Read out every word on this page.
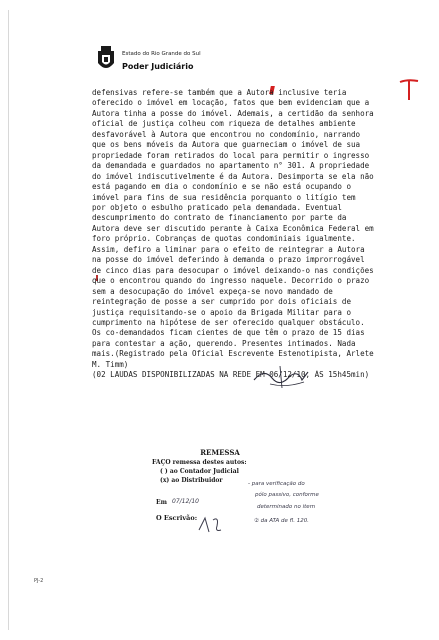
Estado do Rio Grande do Sul
Poder Judiciário
defensivas refere-se também que a Autora inclusive teria
oferecido o imóvel em locação, fatos que bem evidenciam que a
Autora tinha a posse do imóvel. Ademais, a certidão da senhora
oficial de justiça colheu com riqueza de detalhes ambiente
desfavorável à Autora que encontrou no condomínio, narrando
que os bens móveis da Autora que guarneciam o imóvel de sua
propriedade foram retirados do local para permitir o ingresso
da demandada e guardados no apartamento n° 301. A propriedade
do imóvel indiscutivelmente é da Autora. Desimporta se ela não
está pagando em dia o condomínio e se não está ocupando o
imóvel para fins de sua residência porquanto o litígio tem
por objeto o esbulho praticado pela demandada. Eventual
descumprimento do contrato de financiamento por parte da
Autora deve ser discutido perante à Caixa Econômica Federal em
foro próprio. Cobranças de quotas condominiais igualmente.
Assim, defiro a liminar para o efeito de reintegrar a Autora
na posse do imóvel deferindo à demanda o prazo improrrogável
de cinco dias para desocupar o imóvel deixando-o nas condições
que o encontrou quando do ingresso naquele. Decorrido o prazo
sem a desocupação do imóvel expeça-se novo mandado de
reintegração de posse a ser cumprido por dois oficiais de
justiça requisitando-se o apoio da Brigada Militar para o
cumprimento na hipótese de ser oferecido qualquer obstáculo.
Os co-demandados ficam cientes de que têm o prazo de 15 dias
para contestar a ação, querendo. Presentes intimados. Nada
mais.(Registrado pela Oficial Escrevente Estenotipista, Arlete
M. Timm)
(02 LAUDAS DISPONIBILIZADAS NA REDE EM 06/12/10, ÀS 15h45min)
REMESSA
FAÇO remessa destes autos:
( ) ao Contador Judicial
(x) ao Distribuidor
Em
O Escrivão:
- para verificação do
pólo passivo, conforme
determinado no item
② da ATA de fl. 120.
07/12/10
PJ-2
